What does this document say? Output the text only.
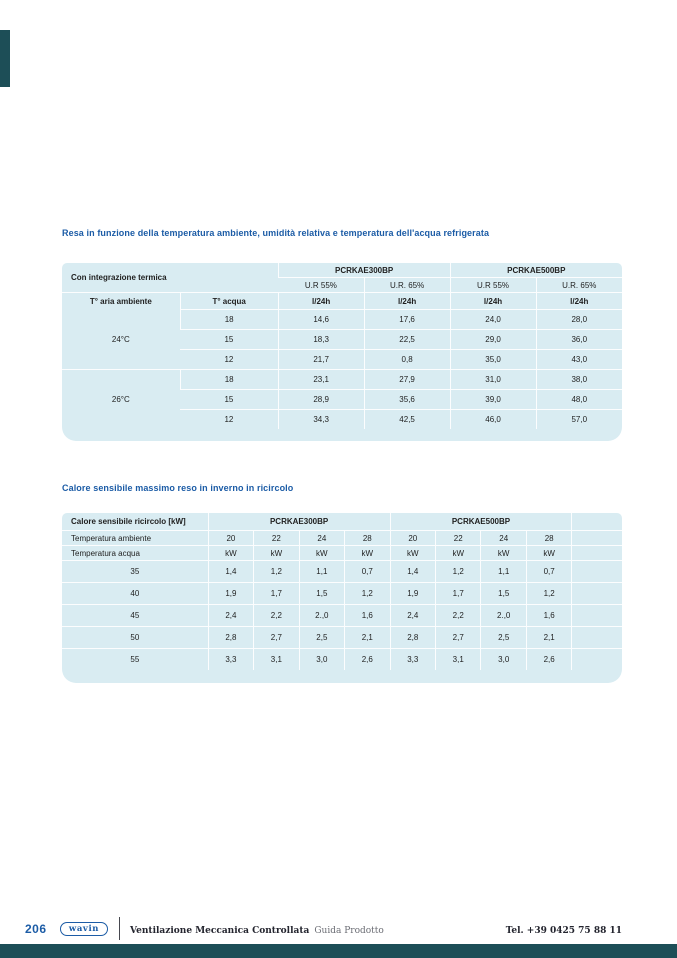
Resa in funzione della temperatura ambiente, umidità relativa e temperatura dell'acqua refrigerata
Con integrazione termica		PCRKAE300BP		PCRKAE500BP	
		U.R 55%	U.R. 65%	U.R 55%	U.R. 65%
T° aria ambiente	T° acqua	l/24h	l/24h	l/24h	l/24h
24°C	18	14,6	17,6	24,0	28,0
	15	18,3	22,5	29,0	36,0
	12	21,7	0,8	35,0	43,0
26°C	18	23,1	27,9	31,0	38,0
	15	28,9	35,6	39,0	48,0
	12	34,3	42,5	46,0	57,0
Calore sensibile massimo reso in inverno in ricircolo
Calore sensibile ricircolo [kW]	PCRKAE300BP				PCRKAE500BP				
Temperatura ambiente	20	22	24	28	20	22	24	28	
Temperatura acqua	kW	kW	kW	kW	kW	kW	kW	kW	
35	1,4	1,2	1,1	0,7	1,4	1,2	1,1	0,7	
40	1,9	1,7	1,5	1,2	1,9	1,7	1,5	1,2	
45	2,4	2,2	2.,0	1,6	2,4	2,2	2.,0	1,6	
50	2,8	2,7	2,5	2,1	2,8	2,7	2,5	2,1	
55	3,3	3,1	3,0	2,6	3,3	3,1	3,0	2,6	
206	wavin	Ventilazione Meccanica Controllata Guida Prodotto	Tel. +39 0425 75 88 11
